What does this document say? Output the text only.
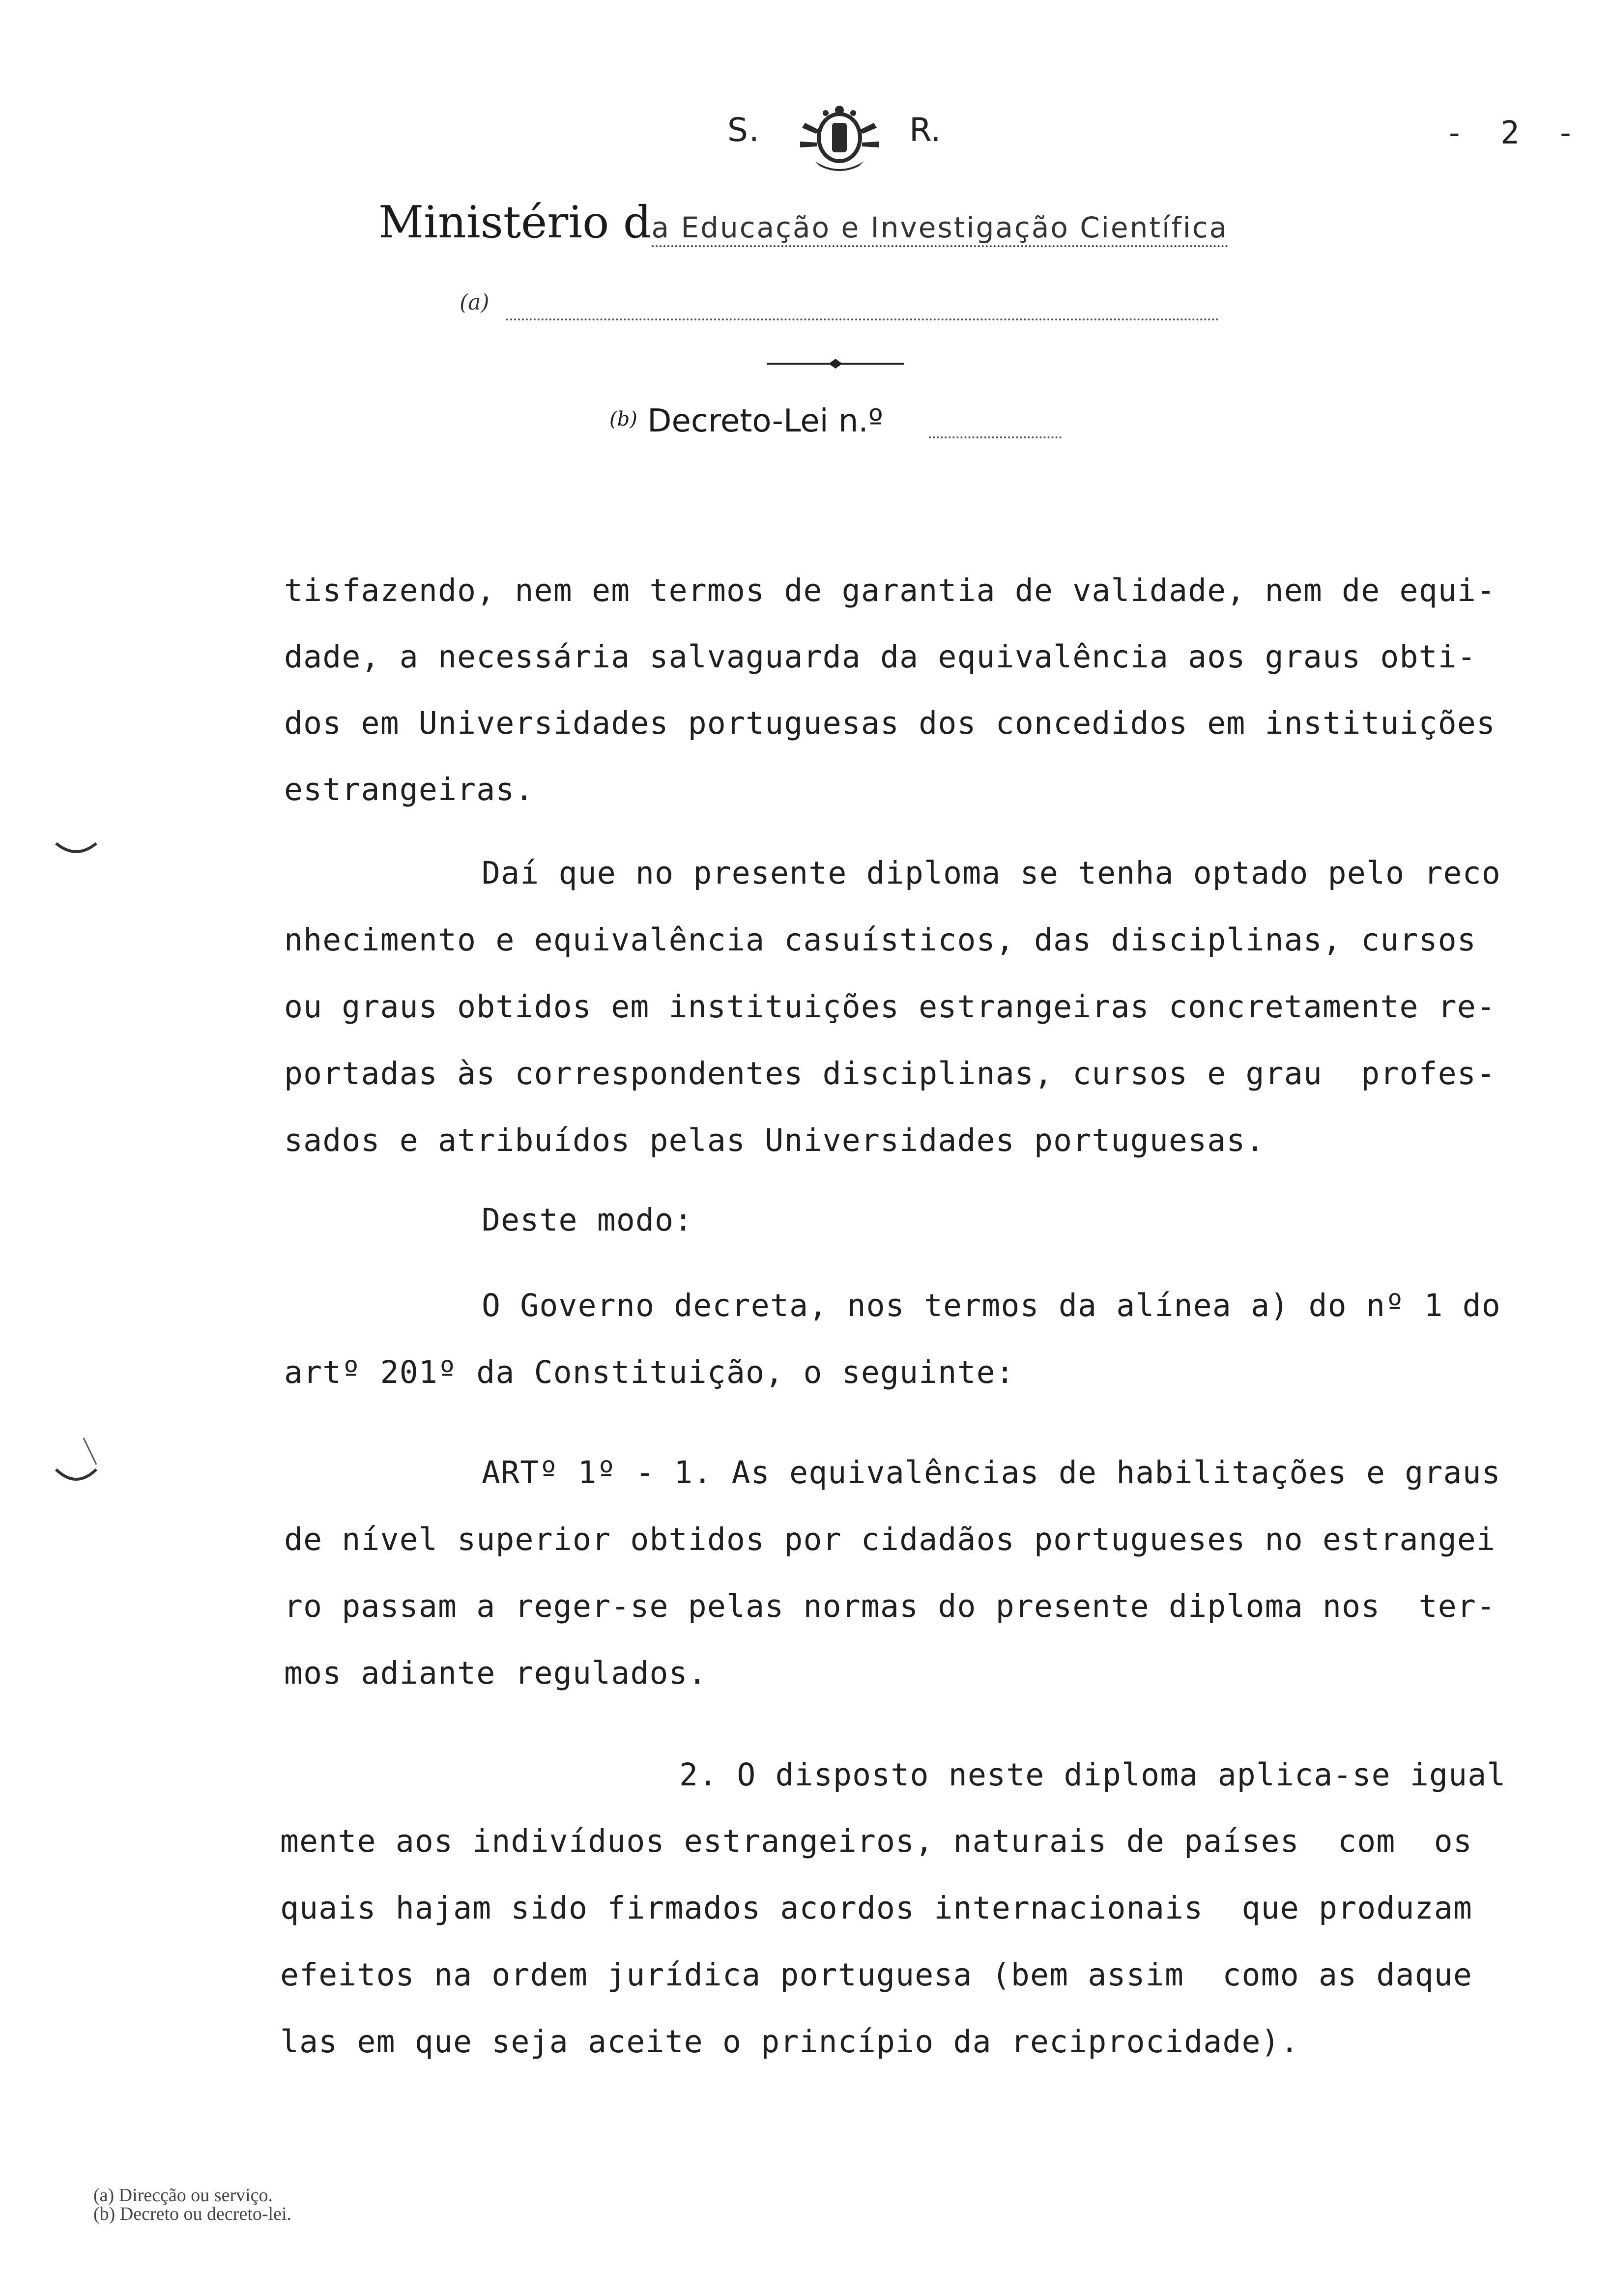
S.	R.	- 2 -
Ministério da Educação e Investigação Científica
(a)
$^{(b)}$ Decreto-Lei n.º
tisfazendo, nem em termos de garantia de validade, nem de equi-
dade, a necessária salvaguarda da equivalência aos graus obti-
dos em Universidades portuguesas dos concedidos em instituições
estrangeiras.
Daí que no presente diploma se tenha optado pelo reco
nhecimento e equivalência casuísticos, das disciplinas, cursos
ou graus obtidos em instituições estrangeiras concretamente re-
portadas às correspondentes disciplinas, cursos e grau  profes-
sados e atribuídos pelas Universidades portuguesas.
Deste modo:
O Governo decreta, nos termos da alínea a) do nº 1 do
artº 201º da Constituição, o seguinte:
ARTº 1º - 1. As equivalências de habilitações e graus
de nível superior obtidos por cidadãos portugueses no estrangei
ro passam a reger-se pelas normas do presente diploma nos  ter-
mos adiante regulados.
2. O disposto neste diploma aplica-se igual
mente aos indivíduos estrangeiros, naturais de países  com  os
quais hajam sido firmados acordos internacionais  que produzam
efeitos na ordem jurídica portuguesa (bem assim  como as daque
las em que seja aceite o princípio da reciprocidade).
(a) Direcção ou serviço.
(b) Decreto ou decreto-lei.
